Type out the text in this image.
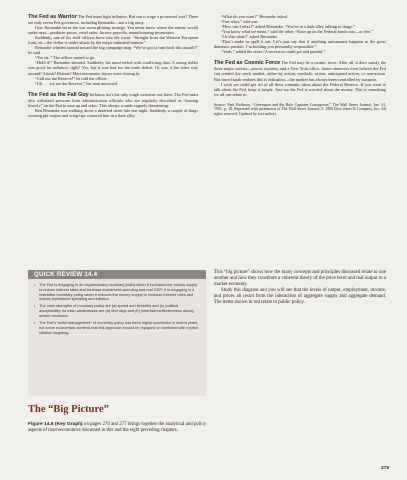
The Fed as Warrior The Fed must fight inflation. But can it wage a protracted war? There are only seven Fed governors, including Bernanke—not a big army.

Gen. Bernanke sat in the war room plotting strategy. You never knew where the enemy would strike next—producer prices, retail sales, factory payrolls, manufacturing inventories.

Suddenly, one of his staff officers burst into the room: “Straight from the Western European front, sir—the dollar is under attack by the major industrial nations.”

Bernanke whirled around toward the big campaign map. “We’ve got to turn back this assault!” he said.

“Yes sir. ” The officer turned to go.

“Hold it!” Bernanke shouted. Suddenly, his mind reeled with conflicting data. A strong dollar was good for inflation, right? Yes, but it was bad for the trade deficit. Or was it the other way around? Attack? Retreat? Macroeconomic forces were closing in.

“Call out the Reserve!” he told the officer.

“Uh . . . we are the Reserve,” the man answered.

The Fed as the Fall Guy Inflation isn’t the only tough customer out there. The Fed must also withstand pressure from administration officials who are regularly described as “leaning heavily” on the Fed to ease up and relax. This always sounds vaguely threatening:

Ben Bernanke was walking down a deserted street late one night. Suddenly, a couple of thugs wearing pin-stripes and wing-tips cornered him in a dark alley.

“What do you want?” Bernanke asked.

“Just relax,” said one.

“How can I relax?” asked Bernanke. “You’re in a dark alley talking to thugs.”

“You know what we mean,” said the other. “Ease up on the Federal funds rate—or else.”

“Or else what?” asked Bernanke.

“Don’t make us spell it out. Let’s just say that if anything unfortunate happens to the gross domestic product, I’m holding you personally responsible.”

“Yeah,” added the other.“A recession could get real painful.”

The Fed as Cosmic Force The Fed may be a cosmic force. After all, it does satisfy the three major criteria—power, mystery, and a New York office. Some observers even believe the Fed can control the stock market, either by action, symbolic action, anticipated action, or non-action. But since Isaiah realizes this is ridiculous—the market has always been controlled by sunspots.

I wish we could get rid of all these romantic ideas about the Federal Reserve. If you want to talk about the Fed, keep it simple. Just say the Fed is worried about the money. This is something we all can relate to.

Source: Paul Hoffman, “Greenspan and the Rule Captains Courageous,” The Wall Street Journal, Jan. 31, 1991, p. 18. Reprinted with permission of The Wall Street Journal, © 1990 Dow Jones & Company, Inc. All rights reserved. Updated by text authors.

QUICK REVIEW 14.4
• The Fed is engaging in an expansionary monetary policy when it increases the money supply to reduce interest rates and increase investment spending and real GDP; it is engaging in a restrictive monetary policy when it reduces the money supply to increase interest rates and reduce investment spending and inflation.
• The main strengths of monetary policy are (a) speed and flexibility and (b) political acceptability; its main weaknesses are (a) time lags and (b) potential ineffectiveness during severe recession.
• The Fed’s “artful management” of monetary policy has been highly successful in recent years, but some economists contend that this approach should be replaced or combined with explicit inflation targeting.

This “big picture” shows how the many concepts and principles discussed relate to one another and how they constitute a coherent theory of the price level and real output in a market economy.

Study this diagram and you will see that the levels of output, employment, income, and prices all result from the interaction of aggregate supply and aggregate demand. The items shown in red relate to public policy.

The “Big Picture”
Figure 14.6 (Key Graph) on pages 276 and 277 brings together the analytical and policy aspects of macroeconomics discussed in this and the eight preceding chapters.
279
